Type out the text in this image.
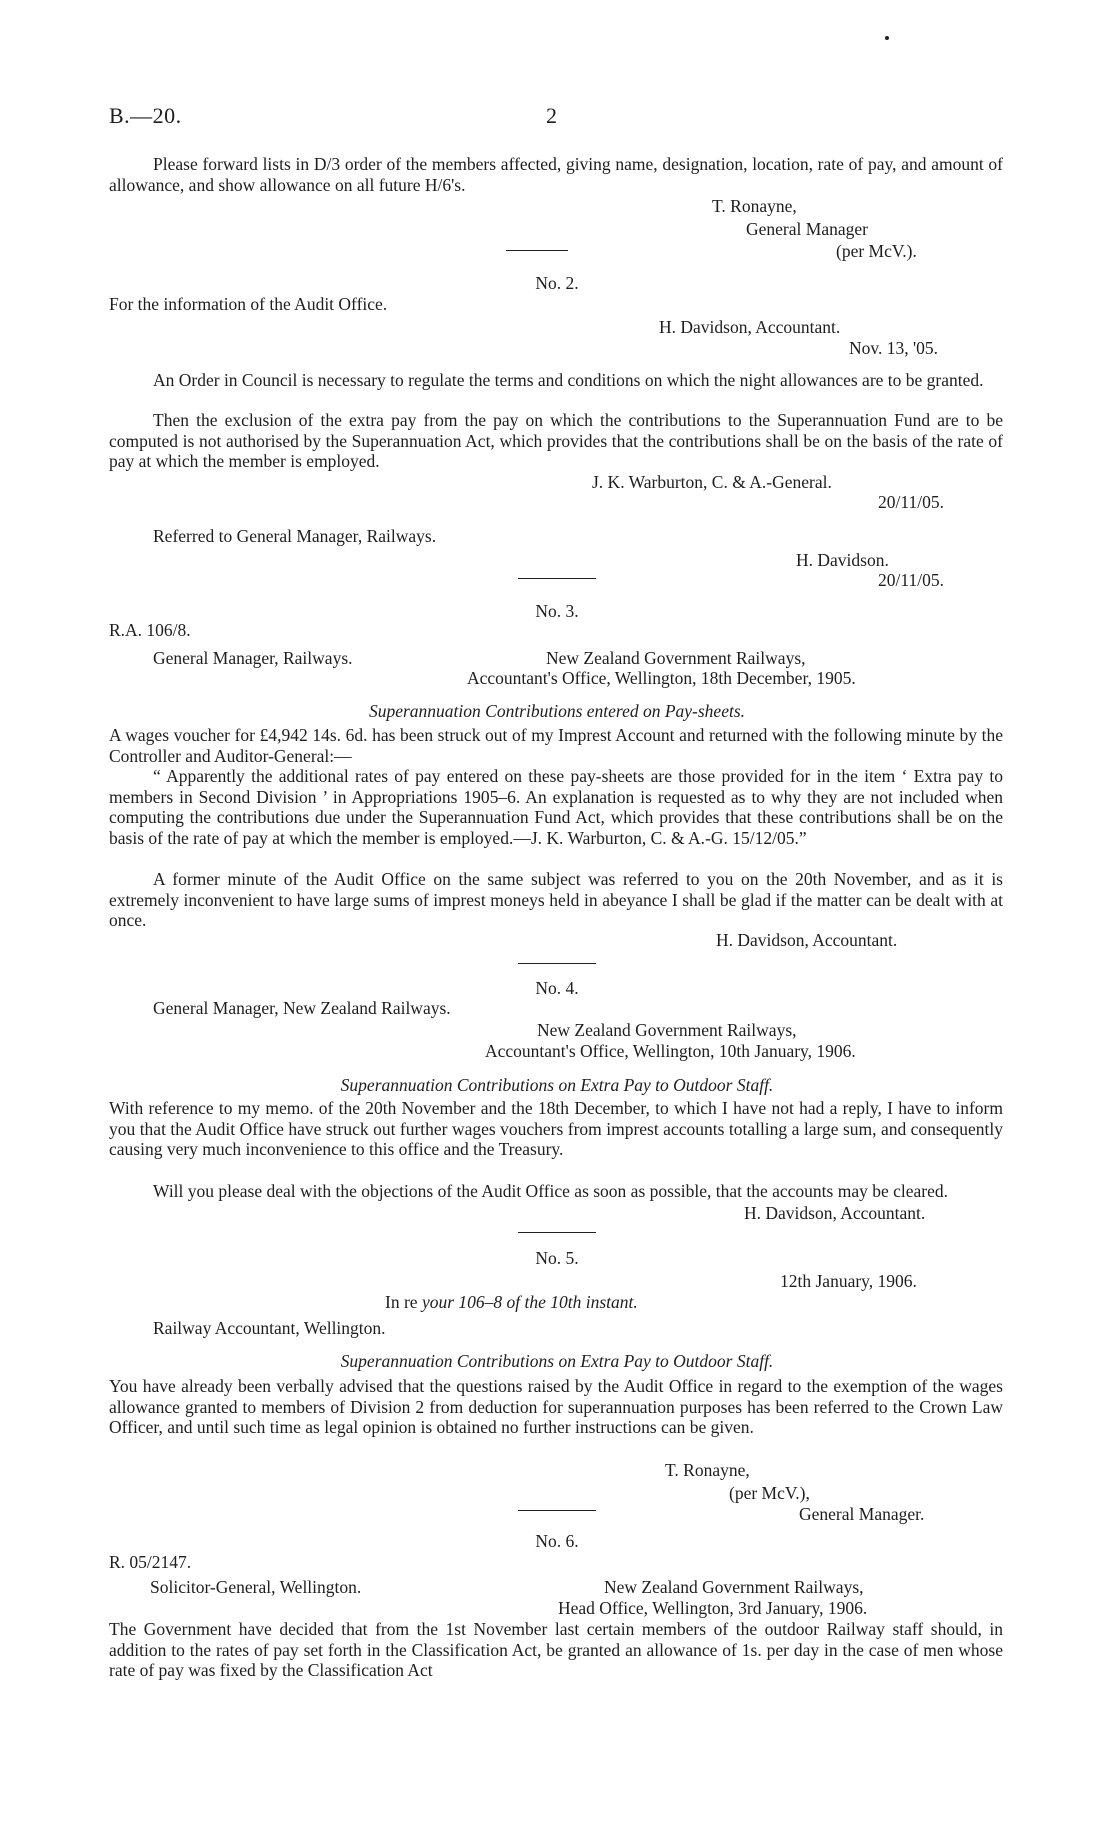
B.—20.	2

Please forward lists in D/3 order of the members affected, giving name, designation, location, rate of pay, and amount of allowance, and show allowance on all future H/6's.

T. Ronayne,
General Manager
(per McV.).
No. 2.
For the information of the Audit Office.
H. Davidson, Accountant.
Nov. 13, '05.

An Order in Council is necessary to regulate the terms and conditions on which the night allowances are to be granted.

Then the exclusion of the extra pay from the pay on which the contributions to the Superannuation Fund are to be computed is not authorised by the Superannuation Act, which provides that the contributions shall be on the basis of the rate of pay at which the member is employed.

J. K. Warburton, C. & A.-General.
20/11/05.
Referred to General Manager, Railways.
H. Davidson.
20/11/05.
No. 3.
R.A. 106/8.
General Manager, Railways.	New Zealand Government Railways,
Accountant's Office, Wellington, 18th December, 1905.
Superannuation Contributions entered on Pay-sheets.

A wages voucher for £4,942 14s. 6d. has been struck out of my Imprest Account and returned with the following minute by the Controller and Auditor-General:—

“ Apparently the additional rates of pay entered on these pay-sheets are those provided for in the item ‘ Extra pay to members in Second Division ’ in Appropriations 1905–6. An explanation is requested as to why they are not included when computing the contributions due under the Superannuation Fund Act, which provides that these contributions shall be on the basis of the rate of pay at which the member is employed.—J. K. Warburton, C. & A.-G. 15/12/05.”

A former minute of the Audit Office on the same subject was referred to you on the 20th November, and as it is extremely inconvenient to have large sums of imprest moneys held in abeyance I shall be glad if the matter can be dealt with at once.

H. Davidson, Accountant.
No. 4.
General Manager, New Zealand Railways.
New Zealand Government Railways,
Accountant's Office, Wellington, 10th January, 1906.
Superannuation Contributions on Extra Pay to Outdoor Staff.

With reference to my memo. of the 20th November and the 18th December, to which I have not had a reply, I have to inform you that the Audit Office have struck out further wages vouchers from imprest accounts totalling a large sum, and consequently causing very much inconvenience to this office and the Treasury.

Will you please deal with the objections of the Audit Office as soon as possible, that the accounts may be cleared.

H. Davidson, Accountant.
No. 5.
12th January, 1906.
In re your 106–8 of the 10th instant.
Railway Accountant, Wellington.
Superannuation Contributions on Extra Pay to Outdoor Staff.

You have already been verbally advised that the questions raised by the Audit Office in regard to the exemption of the wages allowance granted to members of Division 2 from deduction for superannuation purposes has been referred to the Crown Law Officer, and until such time as legal opinion is obtained no further instructions can be given.

T. Ronayne,
(per McV.),
General Manager.
No. 6.
R. 05/2147.
Solicitor-General, Wellington.	New Zealand Government Railways,
Head Office, Wellington, 3rd January, 1906.

The Government have decided that from the 1st November last certain members of the outdoor Railway staff should, in addition to the rates of pay set forth in the Classification Act, be granted an allowance of 1s. per day in the case of men whose rate of pay was fixed by the Classification Act
